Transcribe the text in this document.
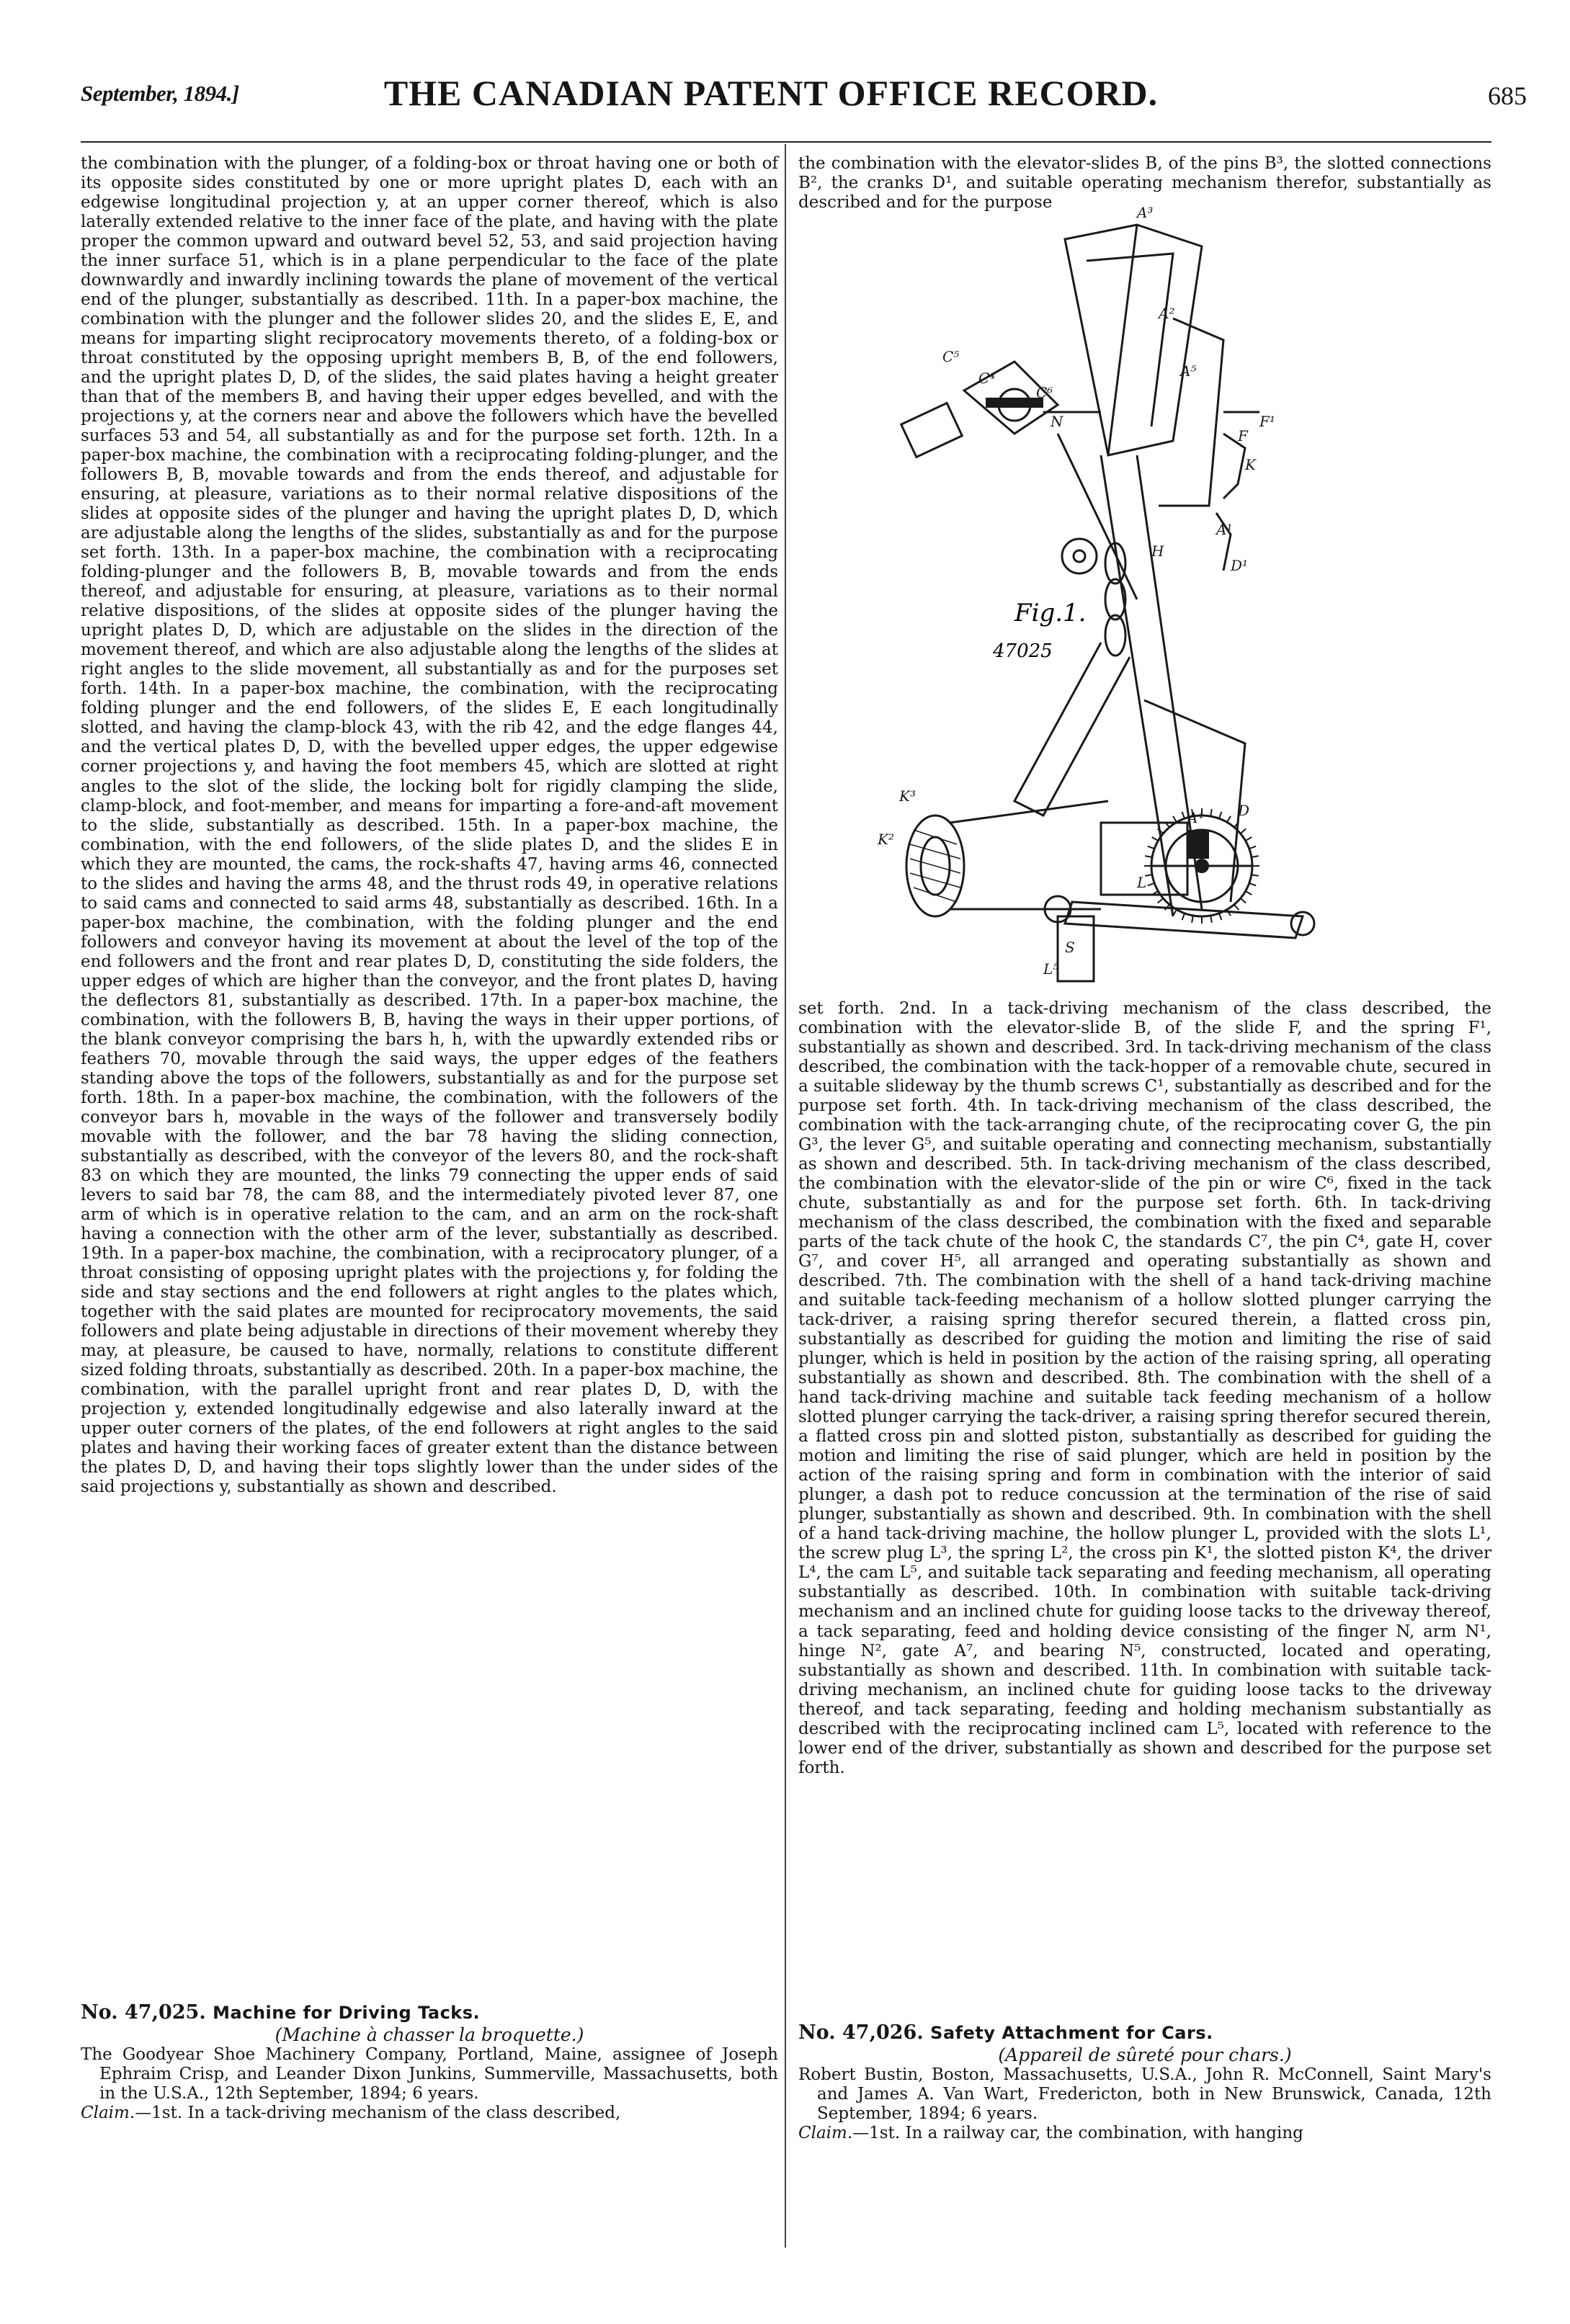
September, 1894.]	THE CANADIAN PATENT OFFICE RECORD.	685

the combination with the plunger, of a folding-box or throat having one or both of its opposite sides constituted by one or more upright plates D, each with an edgewise longitudinal projection y, at an upper corner thereof, which is also laterally extended relative to the inner face of the plate, and having with the plate proper the common upward and outward bevel 52, 53, and said projection having the inner surface 51, which is in a plane perpendicular to the face of the plate downwardly and inwardly inclining towards the plane of movement of the vertical end of the plunger, substantially as described. 11th. In a paper-box machine, the combination with the plunger and the follower slides 20, and the slides E, E, and means for imparting slight reciprocatory movements thereto, of a folding-box or throat constituted by the opposing upright members B, B, of the end followers, and the upright plates D, D, of the slides, the said plates having a height greater than that of the members B, and having their upper edges bevelled, and with the projections y, at the corners near and above the followers which have the bevelled surfaces 53 and 54, all substantially as and for the purpose set forth. 12th. In a paper-box machine, the combination with a reciprocating folding-plunger, and the followers B, B, movable towards and from the ends thereof, and adjustable for ensuring, at pleasure, variations as to their normal relative dispositions of the slides at opposite sides of the plunger and having the upright plates D, D, which are adjustable along the lengths of the slides, substantially as and for the purpose set forth. 13th. In a paper-box machine, the combination with a reciprocating folding-plunger and the followers B, B, movable towards and from the ends thereof, and adjustable for ensuring, at pleasure, variations as to their normal relative dispositions, of the slides at opposite sides of the plunger having the upright plates D, D, which are adjustable on the slides in the direction of the movement thereof, and which are also adjustable along the lengths of the slides at right angles to the slide movement, all substantially as and for the purposes set forth. 14th. In a paper-box machine, the combination, with the reciprocating folding plunger and the end followers, of the slides E, E each longitudinally slotted, and having the clamp-block 43, with the rib 42, and the edge flanges 44, and the vertical plates D, D, with the bevelled upper edges, the upper edgewise corner projections y, and having the foot members 45, which are slotted at right angles to the slot of the slide, the locking bolt for rigidly clamping the slide, clamp-block, and foot-member, and means for imparting a fore-and-aft movement to the slide, substantially as described. 15th. In a paper-box machine, the combination, with the end followers, of the slide plates D, and the slides E in which they are mounted, the cams, the rock-shafts 47, having arms 46, connected to the slides and having the arms 48, and the thrust rods 49, in operative relations to said cams and connected to said arms 48, substantially as described. 16th. In a paper-box machine, the combination, with the folding plunger and the end followers and conveyor having its movement at about the level of the top of the end followers and the front and rear plates D, D, constituting the side folders, the upper edges of which are higher than the conveyor, and the front plates D, having the deflectors 81, substantially as described. 17th. In a paper-box machine, the combination, with the followers B, B, having the ways in their upper portions, of the blank conveyor comprising the bars h, h, with the upwardly extended ribs or feathers 70, movable through the said ways, the upper edges of the feathers standing above the tops of the followers, substantially as and for the purpose set forth. 18th. In a paper-box machine, the combination, with the followers of the conveyor bars h, movable in the ways of the follower and transversely bodily movable with the follower, and the bar 78 having the sliding connection, substantially as described, with the conveyor of the levers 80, and the rock-shaft 83 on which they are mounted, the links 79 connecting the upper ends of said levers to said bar 78, the cam 88, and the intermediately pivoted lever 87, one arm of which is in operative relation to the cam, and an arm on the rock-shaft having a connection with the other arm of the lever, substantially as described. 19th. In a paper-box machine, the combination, with a reciprocatory plunger, of a throat consisting of opposing upright plates with the projections y, for folding the side and stay sections and the end followers at right angles to the plates which, together with the said plates are mounted for reciprocatory movements, the said followers and plate being adjustable in directions of their movement whereby they may, at pleasure, be caused to have, normally, relations to constitute different sized folding throats, substantially as described. 20th. In a paper-box machine, the combination, with the parallel upright front and rear plates D, D, with the projection y, extended longitudinally edgewise and also laterally inward at the upper outer corners of the plates, of the end followers at right angles to the said plates and having their working faces of greater extent than the distance between the plates D, D, and having their tops slightly lower than the under sides of the said projections y, substantially as shown and described.

No. 47,025. Machine for Driving Tacks.

(Machine à chasser la broquette.)

The Goodyear Shoe Machinery Company, Portland, Maine, assignee of Joseph Ephraim Crisp, and Leander Dixon Junkins, Summerville, Massachusetts, both in the U.S.A., 12th September, 1894; 6 years.

Claim.—1st. In a tack-driving mechanism of the class described,

the combination with the elevator-slides B, of the pins B³, the slotted connections B², the cranks D¹, and suitable operating mechanism therefor, substantially as described and for the purpose

Fig.1.
47025
A³
A²
C⁵
C⁴
C⁶
N
A⁵
F¹
F
K
A¹
H
D¹
A⁴
K³
K²
D
L
S
L⁵

set forth. 2nd. In a tack-driving mechanism of the class described, the combination with the elevator-slide B, of the slide F, and the spring F¹, substantially as shown and described. 3rd. In tack-driving mechanism of the class described, the combination with the tack-hopper of a removable chute, secured in a suitable slideway by the thumb screws C¹, substantially as described and for the purpose set forth. 4th. In tack-driving mechanism of the class described, the combination with the tack-arranging chute, of the reciprocating cover G, the pin G³, the lever G⁵, and suitable operating and connecting mechanism, substantially as shown and described. 5th. In tack-driving mechanism of the class described, the combination with the elevator-slide of the pin or wire C⁶, fixed in the tack chute, substantially as and for the purpose set forth. 6th. In tack-driving mechanism of the class described, the combination with the fixed and separable parts of the tack chute of the hook C, the standards C⁷, the pin C⁴, gate H, cover G⁷, and cover H⁵, all arranged and operating substantially as shown and described. 7th. The combination with the shell of a hand tack-driving machine and suitable tack-feeding mechanism of a hollow slotted plunger carrying the tack-driver, a raising spring therefor secured therein, a flatted cross pin, substantially as described for guiding the motion and limiting the rise of said plunger, which is held in position by the action of the raising spring, all operating substantially as shown and described. 8th. The combination with the shell of a hand tack-driving machine and suitable tack feeding mechanism of a hollow slotted plunger carrying the tack-driver, a raising spring therefor secured therein, a flatted cross pin and slotted piston, substantially as described for guiding the motion and limiting the rise of said plunger, which are held in position by the action of the raising spring and form in combination with the interior of said plunger, a dash pot to reduce concussion at the termination of the rise of said plunger, substantially as shown and described. 9th. In combination with the shell of a hand tack-driving machine, the hollow plunger L, provided with the slots L¹, the screw plug L³, the spring L², the cross pin K¹, the slotted piston K⁴, the driver L⁴, the cam L⁵, and suitable tack separating and feeding mechanism, all operating substantially as described. 10th. In combination with suitable tack-driving mechanism and an inclined chute for guiding loose tacks to the driveway thereof, a tack separating, feed and holding device consisting of the finger N, arm N¹, hinge N², gate A⁷, and bearing N⁵, constructed, located and operating, substantially as shown and described. 11th. In combination with suitable tack-driving mechanism, an inclined chute for guiding loose tacks to the driveway thereof, and tack separating, feeding and holding mechanism substantially as described with the reciprocating inclined cam L⁵, located with reference to the lower end of the driver, substantially as shown and described for the purpose set forth.

No. 47,026. Safety Attachment for Cars.

(Appareil de sûreté pour chars.)

Robert Bustin, Boston, Massachusetts, U.S.A., John R. McConnell, Saint Mary's and James A. Van Wart, Fredericton, both in New Brunswick, Canada, 12th September, 1894; 6 years.

Claim.—1st. In a railway car, the combination, with hanging
